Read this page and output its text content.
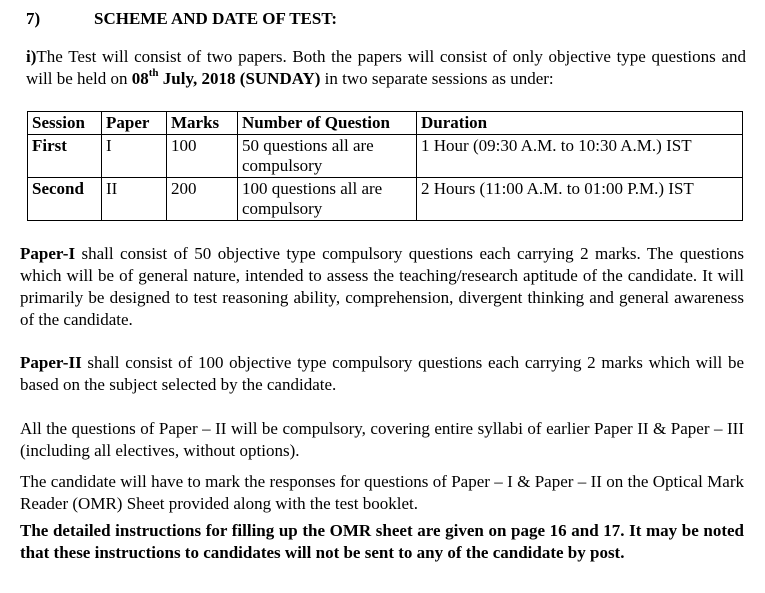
7)	SCHEME AND DATE OF TEST:
i)The Test will consist of two papers. Both the papers will consist of only objective type questions and will be held on 08th July, 2018 (SUNDAY) in two separate sessions as under:
Session	Paper	Marks	Number of Question	Duration
First	I	100	50 questions all are compulsory	1 Hour (09:30 A.M. to 10:30 A.M.) IST
Second	II	200	100 questions all are compulsory	2 Hours (11:00 A.M. to 01:00 P.M.) IST
Paper-I shall consist of 50 objective type compulsory questions each carrying 2 marks. The questions which will be of general nature, intended to assess the teaching/research aptitude of the candidate. It will primarily be designed to test reasoning ability, comprehension, divergent thinking and general awareness of the candidate.
Paper-II shall consist of 100 objective type compulsory questions each carrying 2 marks which will be based on the subject selected by the candidate.
All the questions of Paper – II will be compulsory, covering entire syllabi of earlier Paper II & Paper – III (including all electives, without options).
The candidate will have to mark the responses for questions of Paper – I & Paper – II on the Optical Mark Reader (OMR) Sheet provided along with the test booklet.
The detailed instructions for filling up the OMR sheet are given on page 16 and 17. It may be noted that these instructions to candidates will not be sent to any of the candidate by post.
